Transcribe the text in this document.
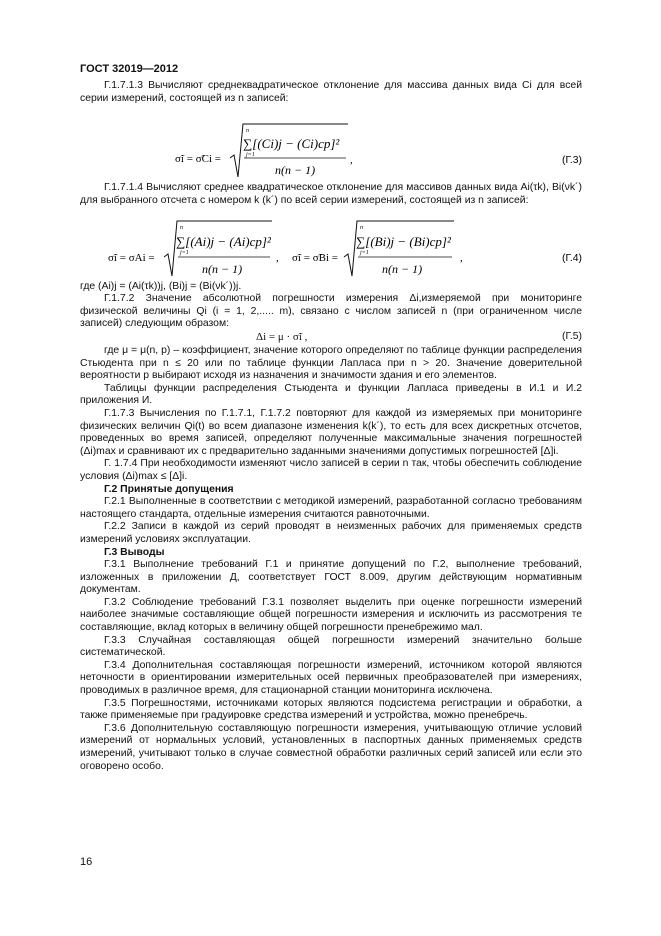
ГОСТ 32019—2012

Г.1.7.1.3 Вычисляют среднеквадратическое отклонение для массива данных вида Ci для всей серии измерений, состоящей из n записей:

σ̃i = σ̃Ci =
n
j=1
∑[(Ci)j − (Ci)ср]²
n(n − 1)
,	(Г.3)

Г.1.7.1.4 Вычисляют среднее квадратическое отклонение для массивов данных вида Ai(τk), Bi(νk´) для выбранного отсчета с номером k (k´) по всей серии измерений, состоящей из n записей:

σ̃i = σAi =
n
j=1
∑[(Ai)j − (Ai)ср]²
n(n − 1)
, σ̃i = σ̃Bi =
n
j=1
∑[(Bi)j − (Bi)ср]²
n(n − 1)
,	(Г.4)

где (Ai)j = (Ai(τk))j, (Bi)j = (Bi(νk´))j.

Г.1.7.2 Значение абсолютной погрешности измерения Δi,измеряемой при мониторинге физической величины Qi (i = 1, 2,..... m), связано с числом записей n (при ограниченном числе записей) следующим образом:

Δi = μ · σ̃i ,	(Г.5)

где μ = μ(n, p) – коэффициент, значение которого определяют по таблице функции распределения Стьюдента при n ≤ 20 или по таблице функции Лапласа при n > 20. Значение доверительной вероятности p выбирают исходя из назначения и значимости здания и его элементов.

Таблицы функции распределения Стьюдента и функции Лапласа приведены в И.1 и И.2 приложения И.

Г.1.7.3 Вычисления по Г.1.7.1, Г.1.7.2 повторяют для каждой из измеряемых при мониторинге физических величин Qi(t) во всем диапазоне изменения k(k´), то есть для всех дискретных отсчетов, проведенных во время записей, определяют полученные максимальные значения погрешностей (Δi)max и сравнивают их с предварительно заданными значениями допустимых погрешностей [Δ]i.

Г. 1.7.4 При необходимости изменяют число записей в серии n так, чтобы обеспечить соблюдение условия (Δi)max ≤ [Δ]i.

Г.2 Принятые допущения

Г.2.1 Выполненные в соответствии с методикой измерений, разработанной согласно требованиям настоящего стандарта, отдельные измерения считаются равноточными.

Г.2.2 Записи в каждой из серий проводят в неизменных рабочих для применяемых средств измерений условиях эксплуатации.

Г.3 Выводы

Г.3.1 Выполнение требований Г.1 и принятие допущений по Г.2, выполнение требований, изложенных в приложении Д, соответствует ГОСТ 8.009, другим действующим нормативным документам.

Г.3.2 Соблюдение требований Г.3.1 позволяет выделить при оценке погрешности измерений наиболее значимые составляющие общей погрешности измерения и исключить из рассмотрения те составляющие, вклад которых в величину общей погрешности пренебрежимо мал.

Г.3.3 Случайная составляющая общей погрешности измерений значительно больше систематической.

Г.3.4 Дополнительная составляющая погрешности измерений, источником которой являются неточности в ориентировании измерительных осей первичных преобразователей при измерениях, проводимых в различное время, для стационарной станции мониторинга исключена.

Г.3.5 Погрешностями, источниками которых являются подсистема регистрации и обработки, а также применяемые при градуировке средства измерений и устройства, можно пренебречь.

Г.3.6 Дополнительную составляющую погрешности измерения, учитывающую отличие условий измерений от нормальных условий, установленных в паспортных данных применяемых средств измерений, учитывают только в случае совместной обработки различных серий записей или если это оговорено особо.

16
